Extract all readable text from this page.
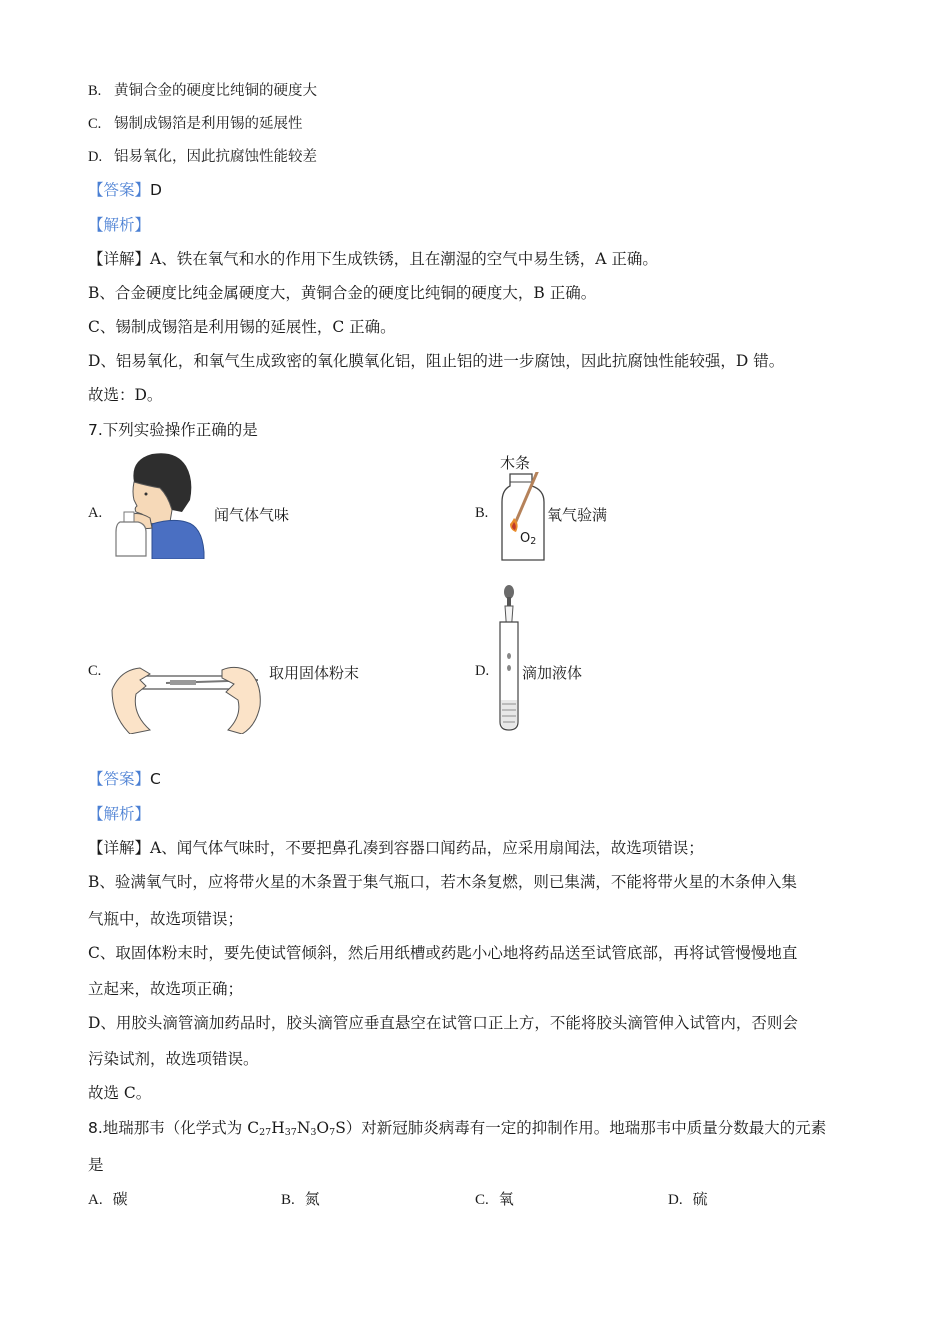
B. 黄铜合金的硬度比纯铜的硬度大
C. 锡制成锡箔是利用锡的延展性
D. 铝易氧化，因此抗腐蚀性能较差
【答案】D
【解析】
【详解】A、铁在氧气和水的作用下生成铁锈，且在潮湿的空气中易生锈，A 正确。
B、合金硬度比纯金属硬度大，黄铜合金的硬度比纯铜的硬度大，B 正确。
C、锡制成锡箔是利用锡的延展性，C 正确。
D、铝易氧化，和氧气生成致密的氧化膜氧化铝，阻止铝的进一步腐蚀，因此抗腐蚀性能较强，D 错。
故选：D。
7.下列实验操作正确的是
A.	闻气体气味	B.
木条
$O_2$
氧气验满
C.	取用固体粉末	D. 滴加液体
【答案】C
【解析】
【详解】A、闻气体气味时，不要把鼻孔凑到容器口闻药品，应采用扇闻法，故选项错误；
B、验满氧气时，应将带火星的木条置于集气瓶口，若木条复燃，则已集满，不能将带火星的木条伸入集
气瓶中，故选项错误；
C、取固体粉末时，要先使试管倾斜，然后用纸槽或药匙小心地将药品送至试管底部，再将试管慢慢地直
立起来，故选项正确；
D、用胶头滴管滴加药品时，胶头滴管应垂直悬空在试管口正上方，不能将胶头滴管伸入试管内，否则会
污染试剂，故选项错误。
故选 C。
8.地瑞那韦（化学式为 $C_{27}H_{37}N_3O_7S$）对新冠肺炎病毒有一定的抑制作用。地瑞那韦中质量分数最大的元素
是
A. 碳	B. 氮	C. 氧	D. 硫
